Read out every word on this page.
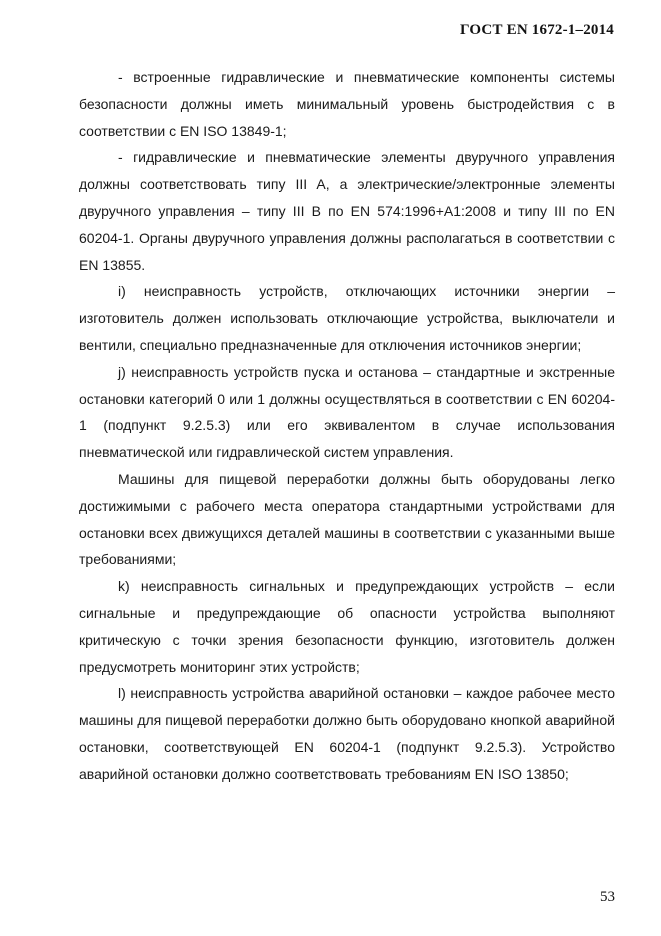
ГОСТ EN 1672-1–2014

- встроенные гидравлические и пневматические компоненты системы безопасности должны иметь минимальный уровень быстродействия с в соответствии с EN ISO 13849-1;

- гидравлические и пневматические элементы двуручного управления должны соответствовать типу III A, а электрические/электронные элементы двуручного управления – типу III B по EN 574:1996+A1:2008 и типу III по EN 60204-1. Органы двуручного управления должны располагаться в соответствии с EN 13855.

i) неисправность устройств, отключающих источники энергии – изготовитель должен использовать отключающие устройства, выключатели и вентили, специально предназначенные для отключения источников энергии;

j) неисправность устройств пуска и останова – стандартные и экстренные остановки категорий 0 или 1 должны осуществляться в соответствии с EN 60204-1 (подпункт 9.2.5.3) или его эквивалентом в случае использования пневматической или гидравлической систем управления.

Машины для пищевой переработки должны быть оборудованы легко достижимыми с рабочего места оператора стандартными устройствами для остановки всех движущихся деталей машины в соответствии с указанными выше требованиями;

k) неисправность сигнальных и предупреждающих устройств – если сигнальные и предупреждающие об опасности устройства выполняют критическую с точки зрения безопасности функцию, изготовитель должен предусмотреть мониторинг этих устройств;

l) неисправность устройства аварийной остановки – каждое рабочее место машины для пищевой переработки должно быть оборудовано кнопкой аварийной остановки, соответствующей EN 60204-1 (подпункт 9.2.5.3). Устройство аварийной остановки должно соответствовать требованиям EN ISO 13850;

53
